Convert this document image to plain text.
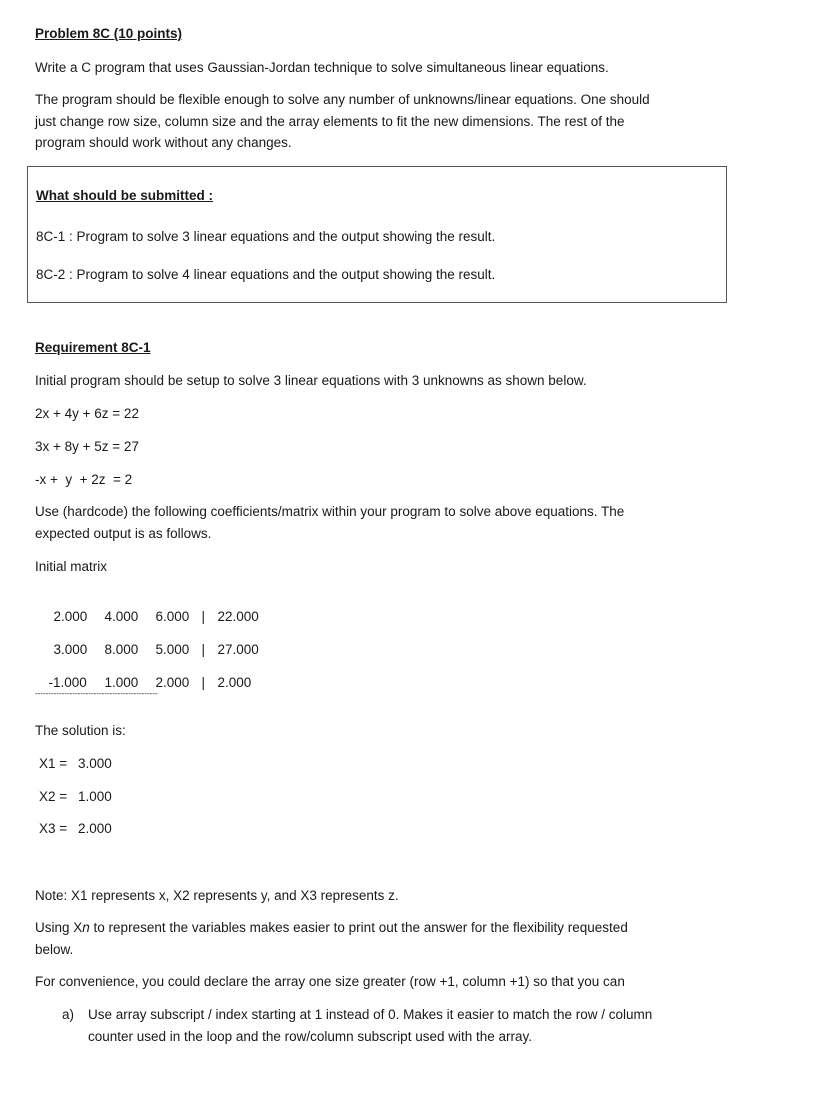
Problem 8C (10 points)
Write a C program that uses Gaussian-Jordan technique to solve simultaneous linear equations.
The program should be flexible enough to solve any number of unknowns/linear equations. One should
just change row size, column size and the array elements to fit the new dimensions. The rest of the
program should work without any changes.
What should be submitted :
8C-1 : Program to solve 3 linear equations and the output showing the result.
8C-2 : Program to solve 4 linear equations and the output showing the result.
Requirement 8C-1
Initial program should be setup to solve 3 linear equations with 3 unknowns as shown below.
2x + 4y + 6z = 22
3x + 8y + 5z = 27
-x +  y  + 2z  = 2
Use (hardcode) the following coefficients/matrix within your program to solve above equations. The
expected output is as follows.
Initial matrix

2.000 4.000 6.000 | 22.000

3.000 8.000 5.000 | 27.000

-1.000 1.000 2.000 | 2.000

----------------------------------------------
The solution is:
X1 = 3.000
X2 = 1.000
X3 = 2.000
Note: X1 represents x, X2 represents y, and X3 represents z.
Using Xn to represent the variables makes easier to print out the answer for the flexibility requested
below.
For convenience, you could declare the array one size greater (row +1, column +1) so that you can
a) Use array subscript / index starting at 1 instead of 0. Makes it easier to match the row / column
counter used in the loop and the row/column subscript used with the array.
